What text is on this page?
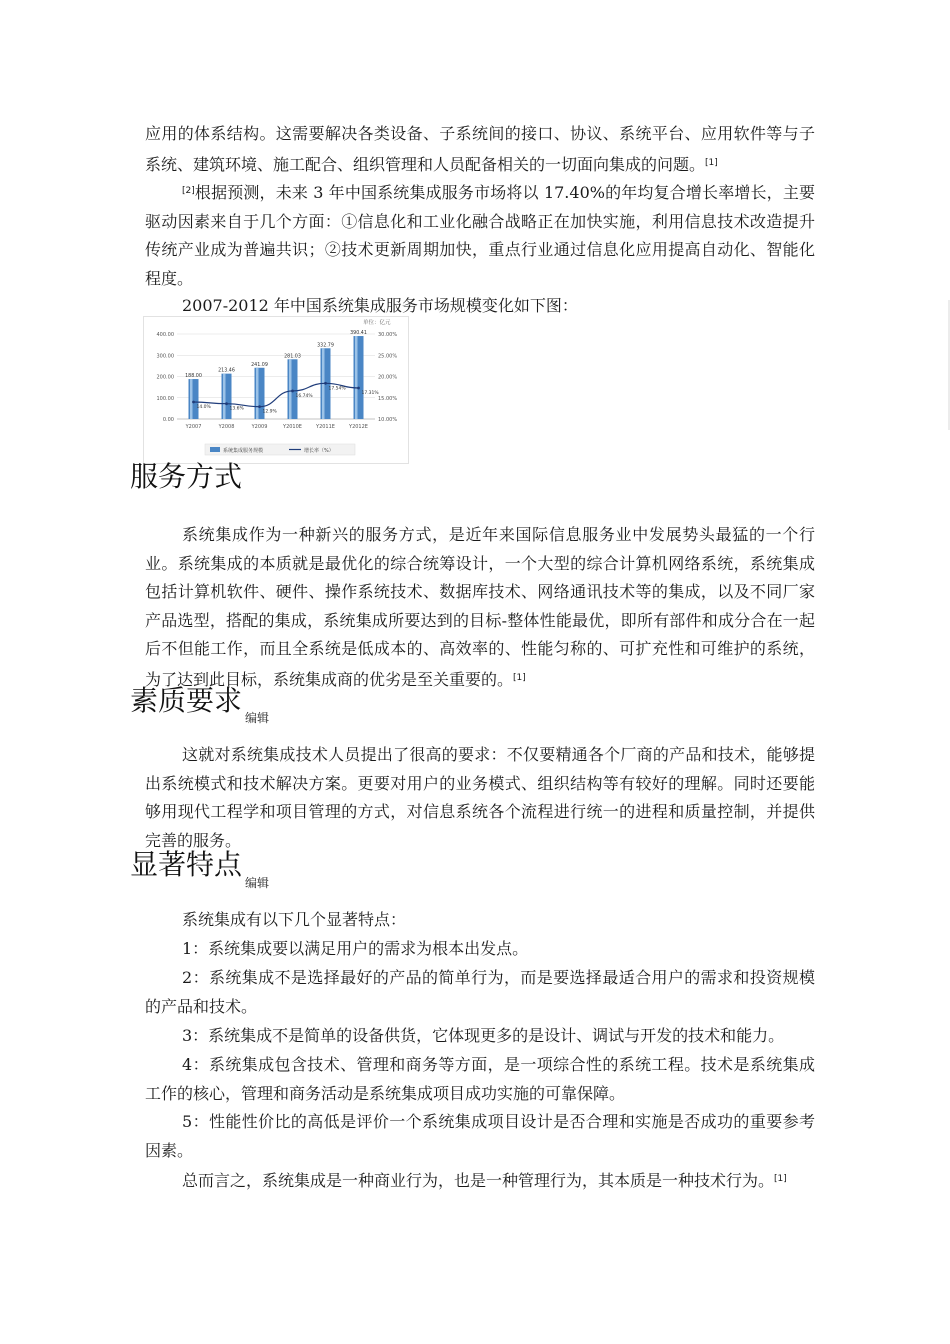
应用的体系结构。这需要解决各类设备、子系统间的接口、协议、系统平台、应用软件等与子系统、建筑环境、施工配合、组织管理和人员配备相关的一切面向集成的问题。[1]

[2]根据预测，未来 3 年中国系统集成服务市场将以 17.40%的年均复合增长率增长，主要驱动因素来自于几个方面：①信息化和工业化融合战略正在加快实施，利用信息技术改造提升传统产业成为普遍共识；②技术更新周期加快，重点行业通过信息化应用提高自动化、智能化程度。

2007-2012 年中国系统集成服务市场规模变化如下图：

单位：亿元
0.00
100.00
200.00
300.00
400.00
10.00%
15.00%
20.00%
25.00%
30.00%
188.00
Y2007
213.46
Y2008
241.09
Y2009
281.03
Y2010E
332.79
Y2011E
390.41
Y2012E
14.0%	13.6%
12.9%
16.74%
17.54%
17.31%
系统集成服务规模	增长率（%）
服务方式

系统集成作为一种新兴的服务方式，是近年来国际信息服务业中发展势头最猛的一个行业。系统集成的本质就是最优化的综合统筹设计，一个大型的综合计算机网络系统，系统集成包括计算机软件、硬件、操作系统技术、数据库技术、网络通讯技术等的集成，以及不同厂家产品选型，搭配的集成，系统集成所要达到的目标-整体性能最优，即所有部件和成分合在一起后不但能工作，而且全系统是低成本的、高效率的、性能匀称的、可扩充性和可维护的系统，为了达到此目标，系统集成商的优劣是至关重要的。[1]

素质要求
编辑

这就对系统集成技术人员提出了很高的要求：不仅要精通各个厂商的产品和技术，能够提出系统模式和技术解决方案。更要对用户的业务模式、组织结构等有较好的理解。同时还要能够用现代工程学和项目管理的方式，对信息系统各个流程进行统一的进程和质量控制，并提供完善的服务。

显著特点
编辑

系统集成有以下几个显著特点：

1：系统集成要以满足用户的需求为根本出发点。

2：系统集成不是选择最好的产品的简单行为，而是要选择最适合用户的需求和投资规模的产品和技术。

3：系统集成不是简单的设备供货，它体现更多的是设计、调试与开发的技术和能力。

4：系统集成包含技术、管理和商务等方面，是一项综合性的系统工程。技术是系统集成工作的核心，管理和商务活动是系统集成项目成功实施的可靠保障。

5：性能性价比的高低是评价一个系统集成项目设计是否合理和实施是否成功的重要参考因素。

总而言之，系统集成是一种商业行为，也是一种管理行为，其本质是一种技术行为。[1]
